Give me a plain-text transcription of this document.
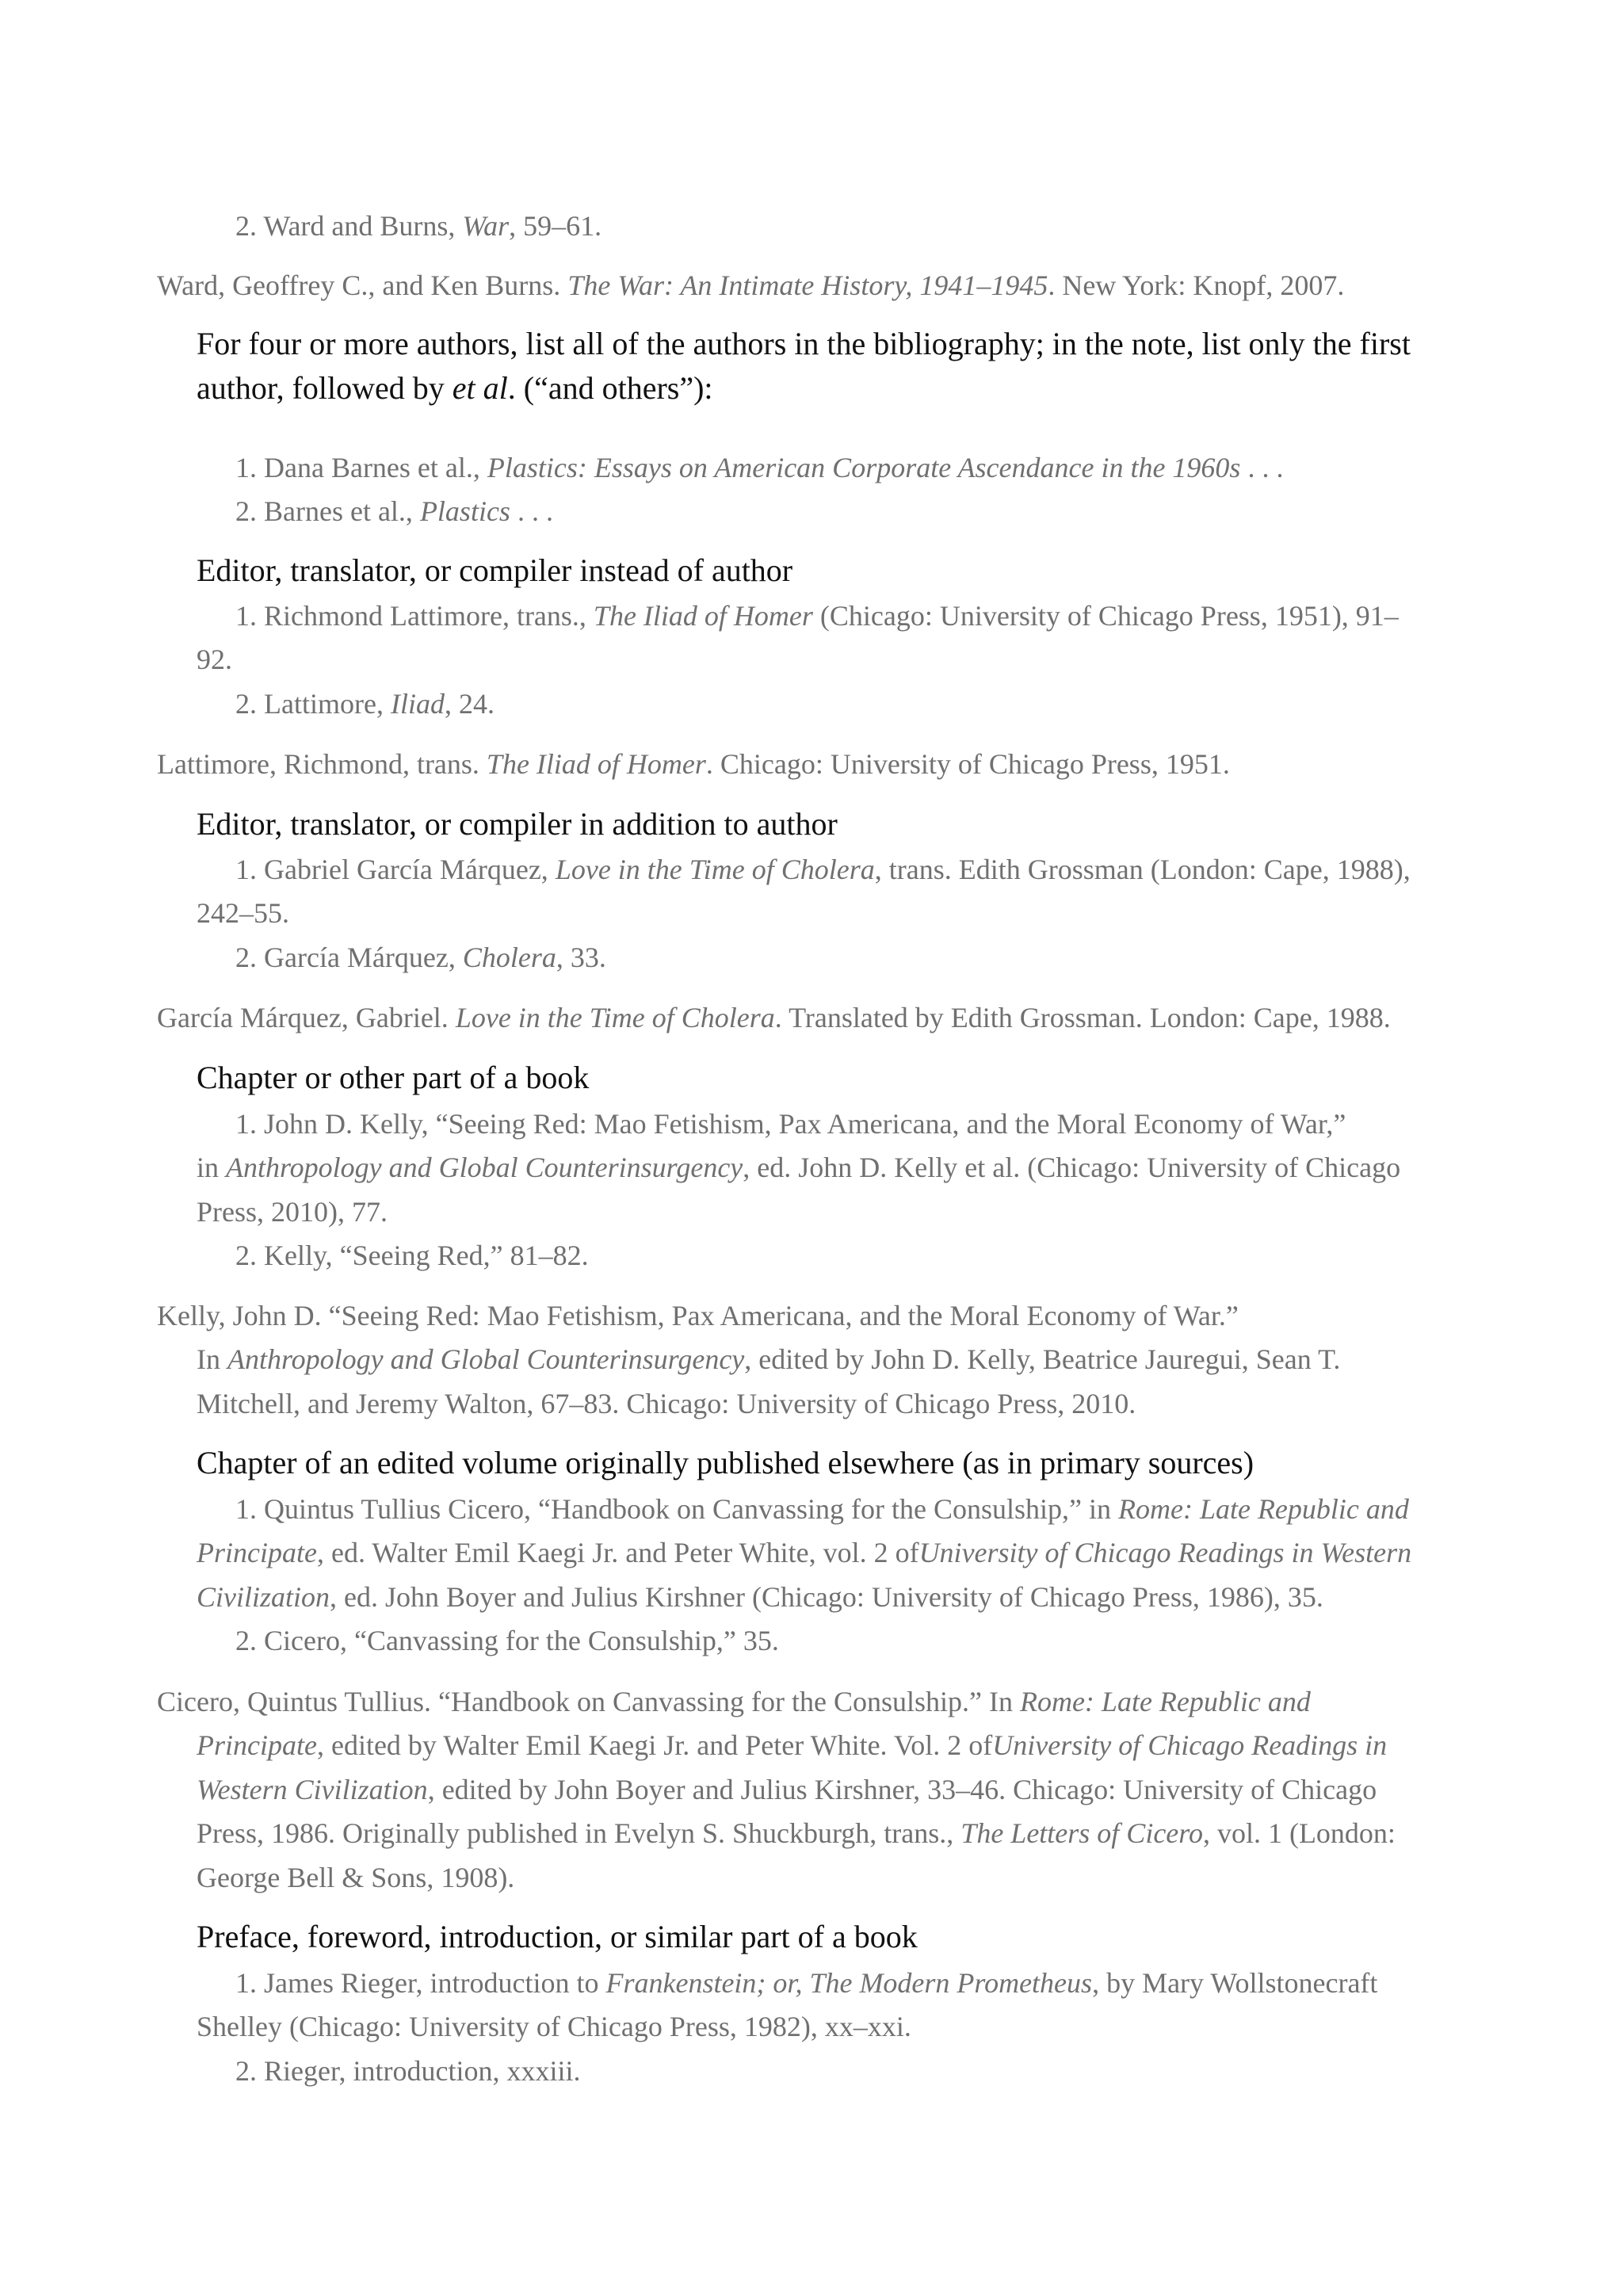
2. Ward and Burns, War, 59–61.
Ward, Geoffrey C., and Ken Burns. The War: An Intimate History, 1941–1945. New York: Knopf, 2007.
For four or more authors, list all of the authors in the bibliography; in the note, list only the first
author, followed by et al. (“and others”):
1. Dana Barnes et al., Plastics: Essays on American Corporate Ascendance in the 1960s . . .
2. Barnes et al., Plastics . . .
Editor, translator, or compiler instead of author
1. Richmond Lattimore, trans., The Iliad of Homer (Chicago: University of Chicago Press, 1951), 91–
92.
2. Lattimore, Iliad, 24.
Lattimore, Richmond, trans. The Iliad of Homer. Chicago: University of Chicago Press, 1951.
Editor, translator, or compiler in addition to author
1. Gabriel García Márquez, Love in the Time of Cholera, trans. Edith Grossman (London: Cape, 1988),
242–55.
2. García Márquez, Cholera, 33.
García Márquez, Gabriel. Love in the Time of Cholera. Translated by Edith Grossman. London: Cape, 1988.
Chapter or other part of a book
1. John D. Kelly, “Seeing Red: Mao Fetishism, Pax Americana, and the Moral Economy of War,”
in Anthropology and Global Counterinsurgency, ed. John D. Kelly et al. (Chicago: University of Chicago
Press, 2010), 77.
2. Kelly, “Seeing Red,” 81–82.
Kelly, John D. “Seeing Red: Mao Fetishism, Pax Americana, and the Moral Economy of War.”
In Anthropology and Global Counterinsurgency, edited by John D. Kelly, Beatrice Jauregui, Sean T.
Mitchell, and Jeremy Walton, 67–83. Chicago: University of Chicago Press, 2010.
Chapter of an edited volume originally published elsewhere (as in primary sources)
1. Quintus Tullius Cicero, “Handbook on Canvassing for the Consulship,” in Rome: Late Republic and
Principate, ed. Walter Emil Kaegi Jr. and Peter White, vol. 2 ofUniversity of Chicago Readings in Western
Civilization, ed. John Boyer and Julius Kirshner (Chicago: University of Chicago Press, 1986), 35.
2. Cicero, “Canvassing for the Consulship,” 35.
Cicero, Quintus Tullius. “Handbook on Canvassing for the Consulship.” In Rome: Late Republic and
Principate, edited by Walter Emil Kaegi Jr. and Peter White. Vol. 2 ofUniversity of Chicago Readings in
Western Civilization, edited by John Boyer and Julius Kirshner, 33–46. Chicago: University of Chicago
Press, 1986. Originally published in Evelyn S. Shuckburgh, trans., The Letters of Cicero, vol. 1 (London:
George Bell & Sons, 1908).
Preface, foreword, introduction, or similar part of a book
1. James Rieger, introduction to Frankenstein; or, The Modern Prometheus, by Mary Wollstonecraft
Shelley (Chicago: University of Chicago Press, 1982), xx–xxi.
2. Rieger, introduction, xxxiii.
